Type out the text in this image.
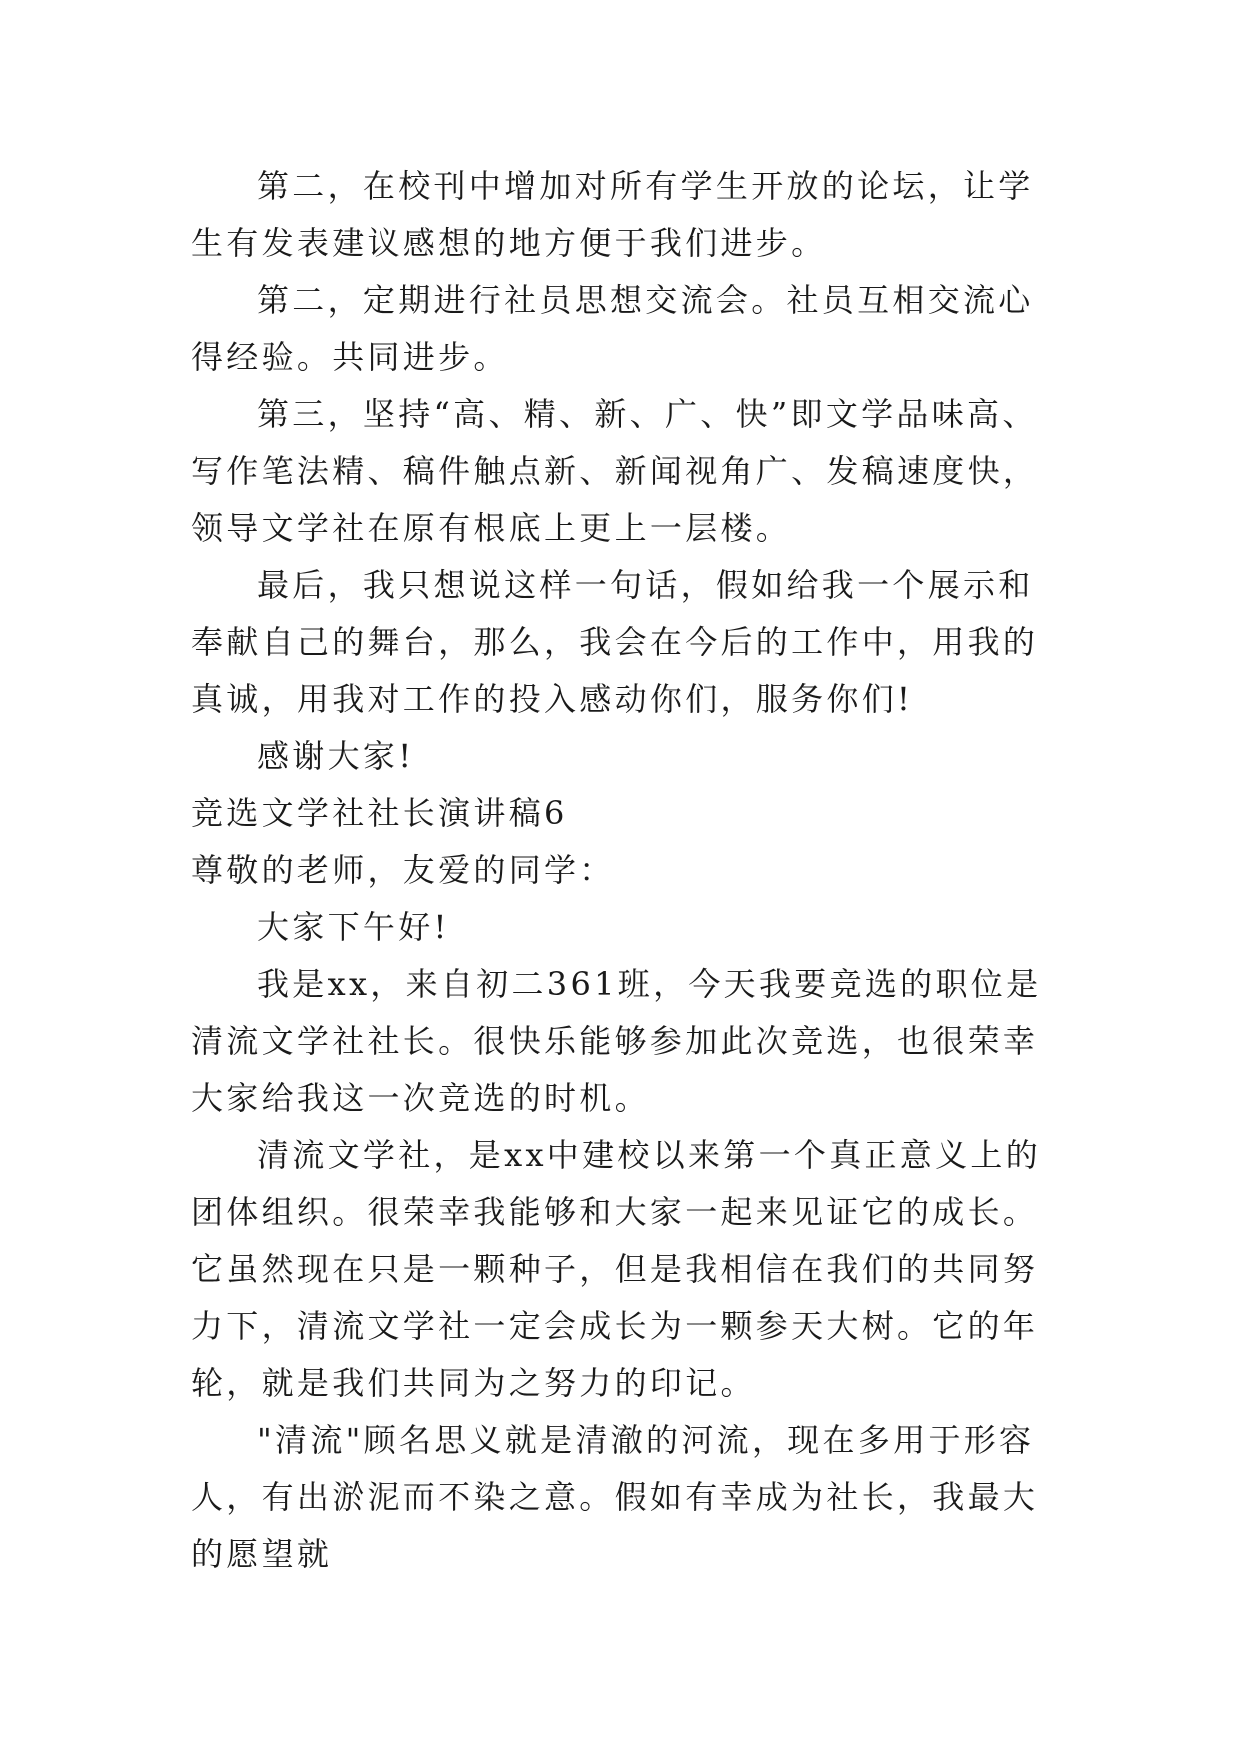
第二，在校刊中增加对所有学生开放的论坛，让学生有发表建议感想的地方便于我们进步。

第二，定期进行社员思想交流会。社员互相交流心得经验。共同进步。

第三，坚持“高、精、新、广、快”即文学品味高、写作笔法精、稿件触点新、新闻视角广、发稿速度快，领导文学社在原有根底上更上一层楼。

最后，我只想说这样一句话，假如给我一个展示和奉献自己的舞台，那么，我会在今后的工作中，用我的真诚，用我对工作的投入感动你们，服务你们!

感谢大家!

竞选文学社社长演讲稿6

尊敬的老师，友爱的同学：

大家下午好!

我是xx，来自初二361班，今天我要竞选的职位是清流文学社社长。很快乐能够参加此次竞选，也很荣幸大家给我这一次竞选的时机。

清流文学社，是xx中建校以来第一个真正意义上的团体组织。很荣幸我能够和大家一起来见证它的成长。它虽然现在只是一颗种子，但是我相信在我们的共同努力下，清流文学社一定会成长为一颗参天大树。它的年轮，就是我们共同为之努力的印记。

"清流"顾名思义就是清澈的河流，现在多用于形容人，有出淤泥而不染之意。假如有幸成为社长，我最大的愿望就
